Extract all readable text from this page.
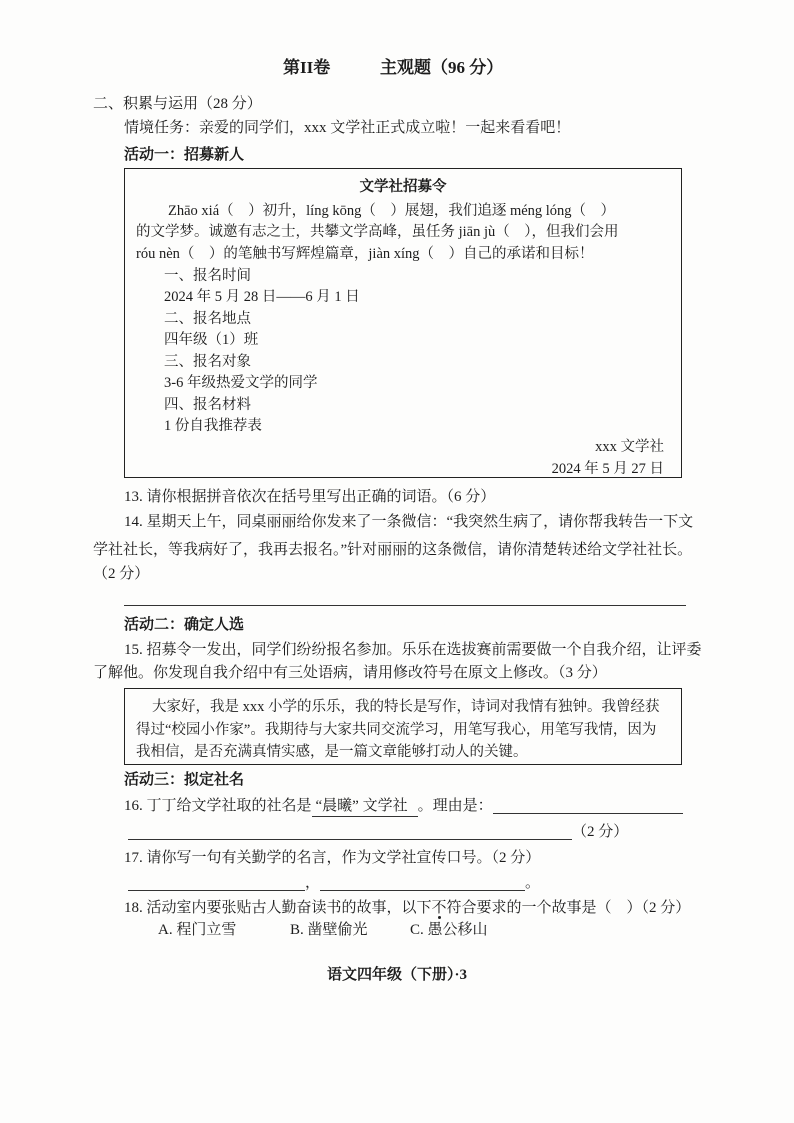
第II卷	主观题（96 分）
二、积累与运用（28 分）
情境任务：亲爱的同学们，xxx 文学社正式成立啦！一起来看看吧！
活动一：招募新人
文学社招募令
Zhāo xiá（　）初升，líng kōng（　）展翅，我们追逐 méng lóng（　）
的文学梦。诚邀有志之士，共攀文学高峰，虽任务 jiān jù（　），但我们会用
róu nèn（　）的笔触书写辉煌篇章，jiàn xíng（　）自己的承诺和目标！
一、报名时间
2024 年 5 月 28 日——6 月 1 日
二、报名地点
四年级（1）班
三、报名对象
3-6 年级热爱文学的同学
四、报名材料
1 份自我推荐表
xxx 文学社
2024 年 5 月 27 日
13. 请你根据拼音依次在括号里写出正确的词语。（6 分）
14. 星期天上午，同桌丽丽给你发来了一条微信：“我突然生病了，请你帮我转告一下文
学社社长，等我病好了，我再去报名。”针对丽丽的这条微信，请你清楚转述给文学社社长。
（2 分）
活动二：确定人选
15. 招募令一发出，同学们纷纷报名参加。乐乐在选拔赛前需要做一个自我介绍，让评委
了解他。你发现自我介绍中有三处语病，请用修改符号在原文上修改。（3 分）
大家好，我是 xxx 小学的乐乐，我的特长是写作，诗词对我情有独钟。我曾经获
得过“校园小作家”。我期待与大家共同交流学习，用笔写我心，用笔写我情，因为
我相信，是否充满真情实感，是一篇文章能够打动人的关键。
活动三：拟定社名
16. 丁丁给文学社取的社名是 “晨曦” 文学社 。理由是：
（2 分）
17. 请你写一句有关勤学的名言，作为文学社宣传口号。（2 分）
，	。
18. 活动室内要张贴古人勤奋读书的故事，以下不符合要求的一个故事是（　）（2 分）
A. 程门立雪	B. 凿壁偷光	C. 愚公移山
语文四年级（下册）·3
